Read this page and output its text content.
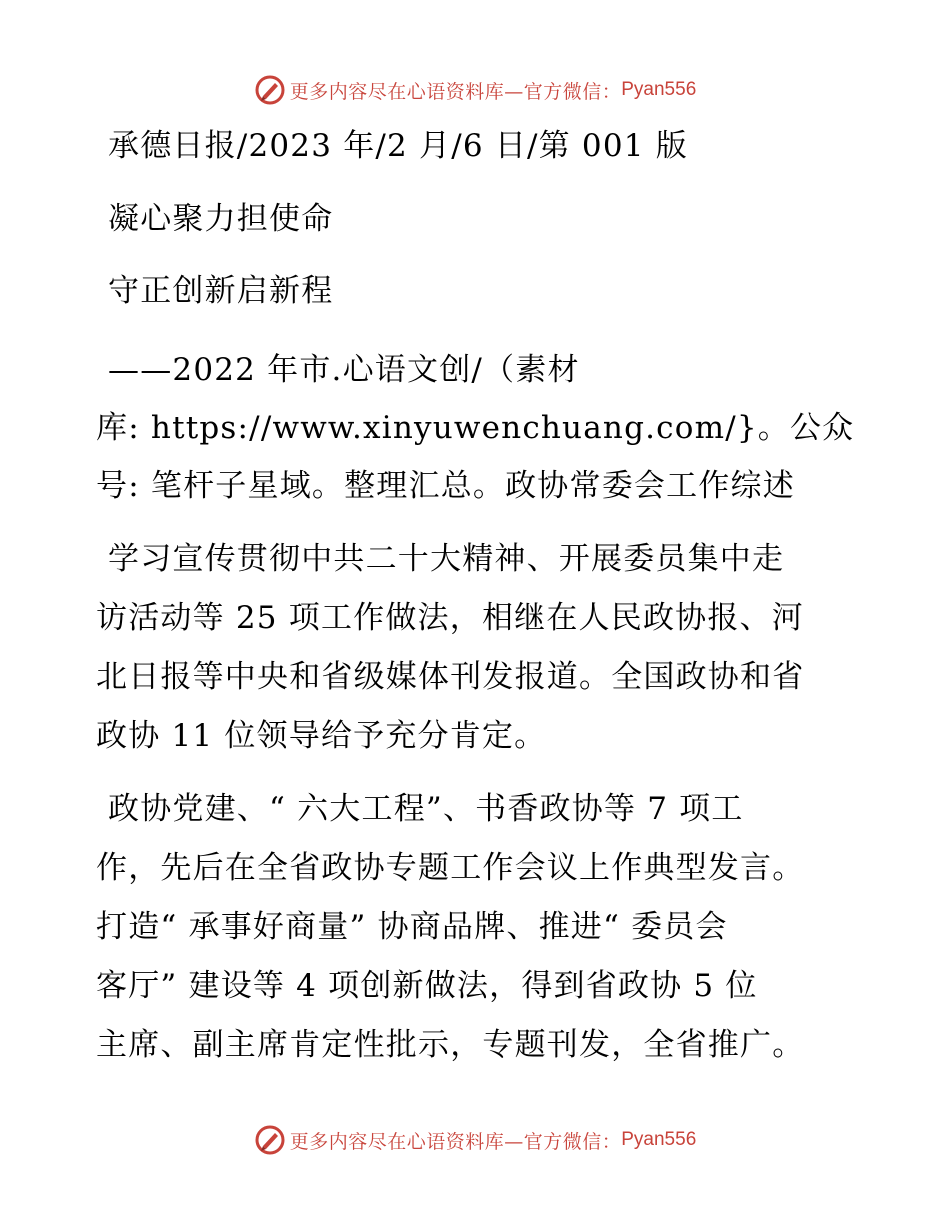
更多内容尽在心语资料库—官方微信： Pyan556
承德日报/2023 年/2 月/6 日/第 001 版
凝心聚力担使命
守正创新启新程
——2022 年市.心语文创/（素材
库: https://www.xinyuwenchuang.com/}。公众
号: 笔杆子星域。整理汇总。政协常委会工作综述
学习宣传贯彻中共二十大精神、开展委员集中走
访活动等 25 项工作做法，相继在人民政协报、河
北日报等中央和省级媒体刊发报道。全国政协和省
政协 11 位领导给予充分肯定。
政协党建、“ 六大工程”、书香政协等 7 项工
作，先后在全省政协专题工作会议上作典型发言。
打造“ 承事好商量” 协商品牌、推进“ 委员会
客厅” 建设等 4 项创新做法，得到省政协 5 位
主席、副主席肯定性批示，专题刊发，全省推广。
更多内容尽在心语资料库—官方微信： Pyan556
